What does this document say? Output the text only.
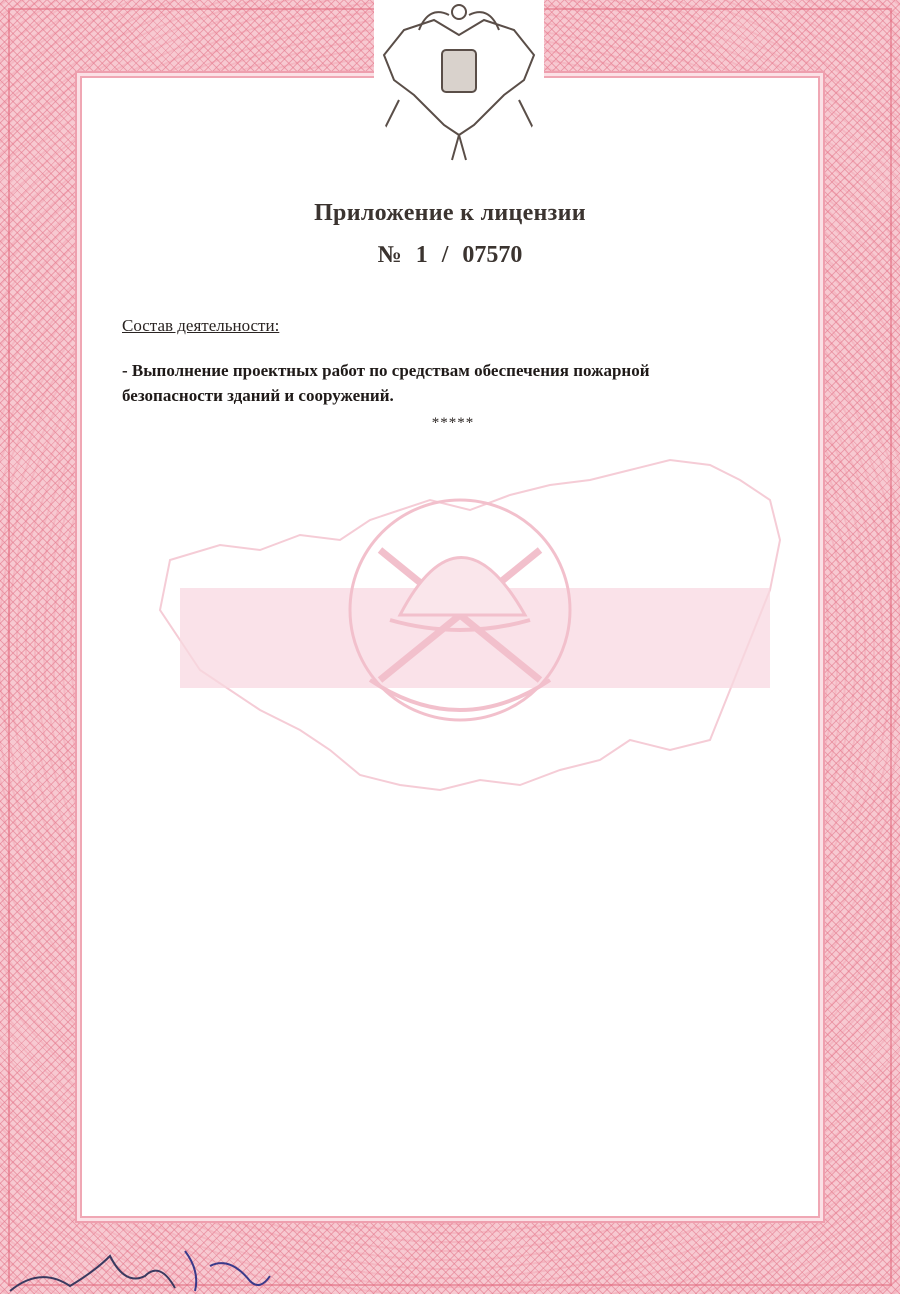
Приложение к лицензии
№ 1 / 07570
Состав деятельности:
- Выполнение проектных работ по средствам обеспечения пожарной
безопасности зданий и сооружений.
*****
